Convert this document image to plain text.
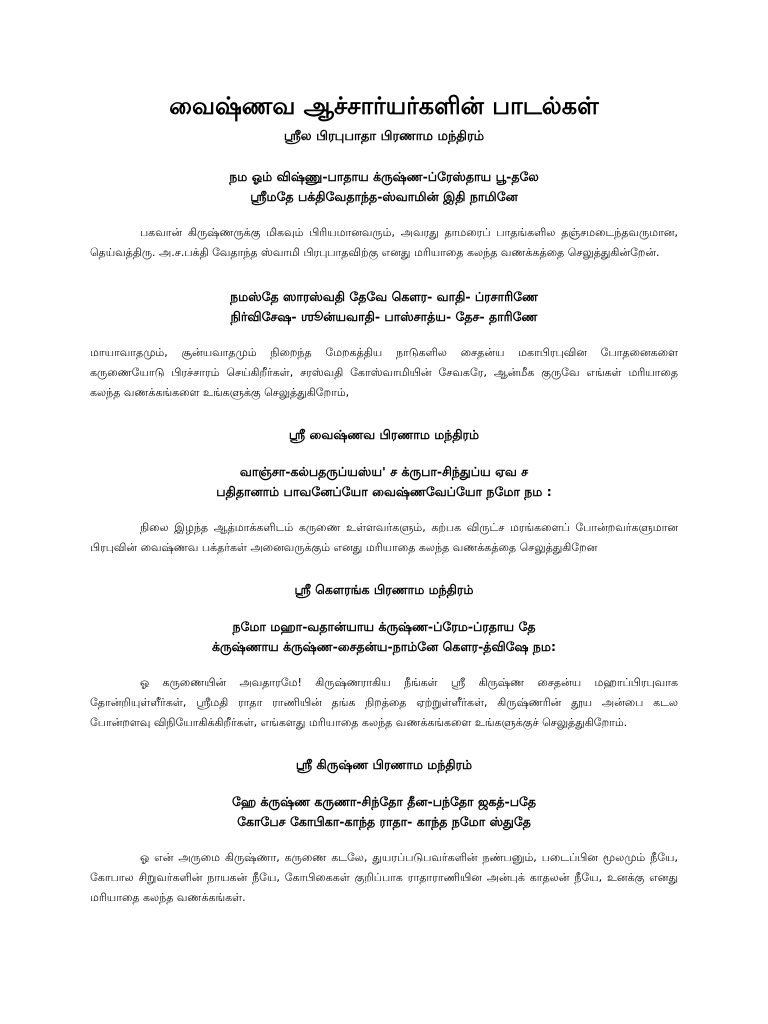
வைஷ்ணவ ஆச்சார்யர்களின் பாடல்கள்
ஸ்ரீல பிரபுபாதா பிரணாம மந்திரம்
நம ஓம் விஷ்ணு-பாதாய க்ருஷ்ண-ப்ரேஸ்தாய பூ-தலே
ஸ்ரீமதே பக்திவேதாந்த-ஸ்வாமின் இதி நாமினே

பகவான் கிருஷ்ணருக்கு மிகவும் பிரியமானவரும், அவரது தாமரைப் பாதங்களில தஞ்சமடைந்தவருமான, தெய்வத்திரு. அ.ச.பக்தி வேதாந்த ஸ்வாமி பிரபுபாதவிற்கு எனது மரியாதை கலந்த வணக்கத்தை செலுத்துகின்றேன்.

நமஸ்தே ஸாரஸ்வதி தேவே கௌர- வாதி- ப்ரசாரிணே
நிர்விசேஷ- ஶூன்யவாதி- பாஸ்சாத்ய- தேச- தாரிணே

மாயாவாதமும், சூன்யவாதமும் நிறைந்த மேறகத்திய நாடுகளில சைதன்ய மகாபிரபுவின போதனைகளை கருணையோடு பிரச்சாரம் செய்கிறீர்கள், சரஸ்வதி கோஸ்வாமியின் சேவகரே, ஆன்மீக குருவே எங்கள் மரியாதை கலந்த வணக்கங்களை உங்களுக்கு செலுத்துகிறோம்,

ஸ்ரீ வைஷ்ணவ பிரணாம மந்திரம்
வாஞ்சா-கல்பதருப்யஸ்ய' ச க்ருபா-சிந்துப்ய ஏவ ச
பதிதானாம் பாவனேப்யோ வைஷ்ணவேப்யோ நமோ நம :

நிலை இழந்த ஆத்மாக்களிடம் கருணை உள்ளவர்களும், கற்பக விருட்ச மரங்களைப் போன்றவர்களுமான பிரபுவின் வைஷ்ணவ பக்தர்கள் அனைவருக்கும் எனது மரியாதை கலந்த வணக்கத்தை செலுத்துகிறேன

ஸ்ரீ கௌரங்க பிரணாம மந்திரம்
நமோ மஹா-வதான்யாய க்ருஷ்ண-ப்ரேம-ப்ரதாய தே
க்ருஷ்ணாய க்ருஷ்ண-சைதன்ய-நாம்னே கௌர-த்விஷே நம:

ஓ கருணையின் அவதாரமே! கிருஷ்ணராகிய நீங்கள் ஸ்ரீ கிருஷ்ண சைதன்ய மஹாப்பிரபுவாக தோன்றியுள்ளீர்கள், ஸ்ரீமதி ராதா ராணியின் தங்க நிறத்தை ஏற்றுள்ளீர்கள், கிருஷ்ணரின் தூய அன்பை கடல போன்றளவு விநியோகிக்கிறீர்கள், எங்களது மரியாதை கலந்த வணக்கங்களை உங்களுக்குச் செலுத்துகிறோம்.

ஸ்ரீ கிருஷ்ண பிரணாம மந்திரம்
ஹே க்ருஷ்ண கருணா-சிந்தோ தீன-பந்தோ ஜகத்-பதே
கோபேச கோபிகா-காந்த ராதா- காந்த நமோ ஸ்துதே

ஓ என் அருமை கிருஷ்ணா, கருணை கடலே, துயரப்படுபவர்களின் நண்பனும், படைப்பின மூலமும் நீயே, கோபால சிறுவர்களின் நாயகன் நீயே, கோபிகைகள் குறிப்பாக ராதாராணியின அன்புக் காதலன் நீயே, உனக்கு எனது மரியாதை கலந்த வணக்கங்கள்.
